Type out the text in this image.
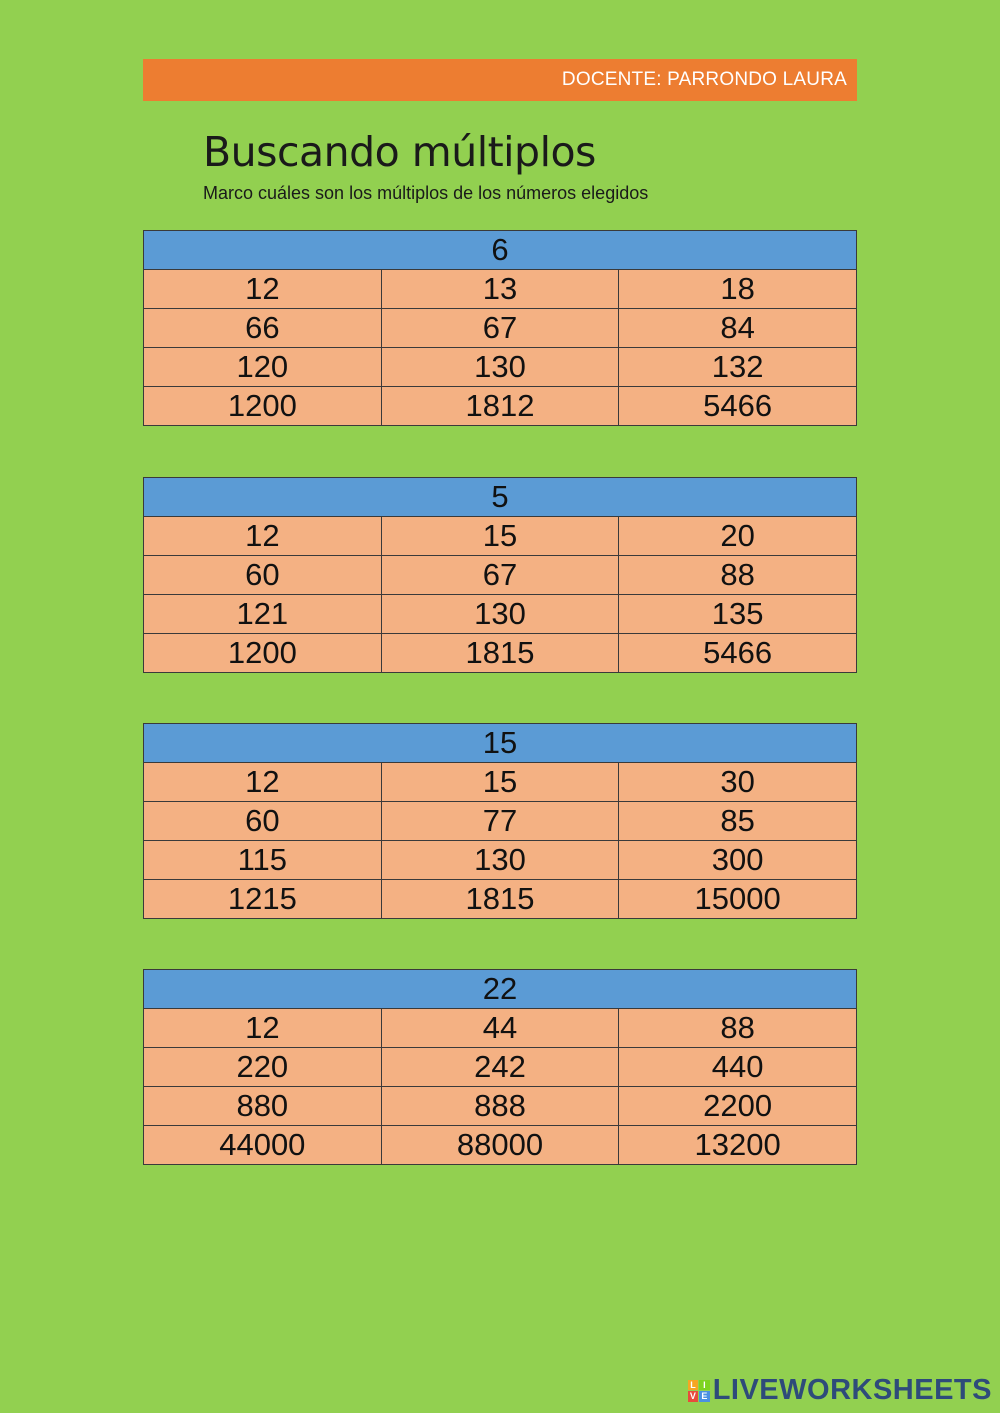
DOCENTE: PARRONDO LAURA
Buscando múltiplos

Marco cuáles son los múltiplos de los números elegidos

6		
12	13	18
66	67	84
120	130	132
1200	1812	5466
5		
12	15	20
60	67	88
121	130	135
1200	1815	5466
15		
12	15	30
60	77	85
115	130	300
1215	1815	15000
22		
12	44	88
220	242	440
880	888	2200
44000	88000	13200
L I
V E LIVEWORKSHEETS
